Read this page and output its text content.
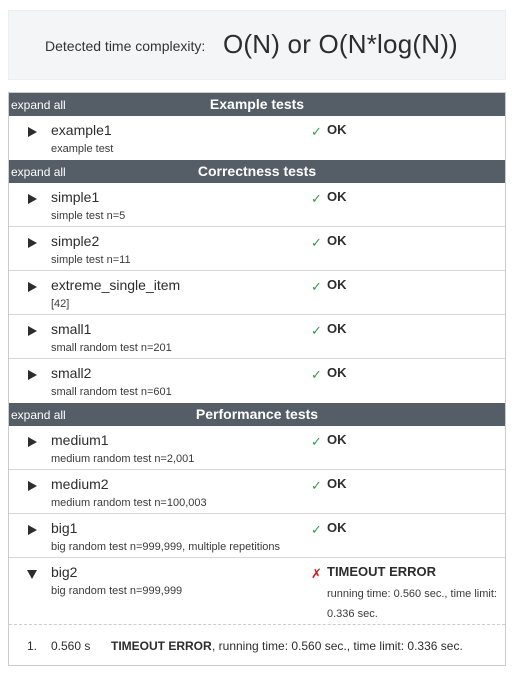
Detected time complexity: O(N) or O(N*log(N))
expand all	Example tests
example1
example test
✓ OK
expand all	Correctness tests
simple1
simple test n=5
✓ OK
simple2
simple test n=11
✓ OK
extreme_single_item
[42]
✓ OK
small1
small random test n=201
✓ OK
small2
small random test n=601
✓ OK
expand all	Performance tests
medium1
medium random test n=2,001
✓ OK
medium2
medium random test n=100,003
✓ OK
big1
big random test n=999,999, multiple repetitions
✓ OK
big2
big random test n=999,999
✗ TIMEOUT ERROR
running time: 0.560 sec., time limit: 0.336 sec.
1. 0.560 s TIMEOUT ERROR , running time: 0.560 sec., time limit: 0.336 sec.
